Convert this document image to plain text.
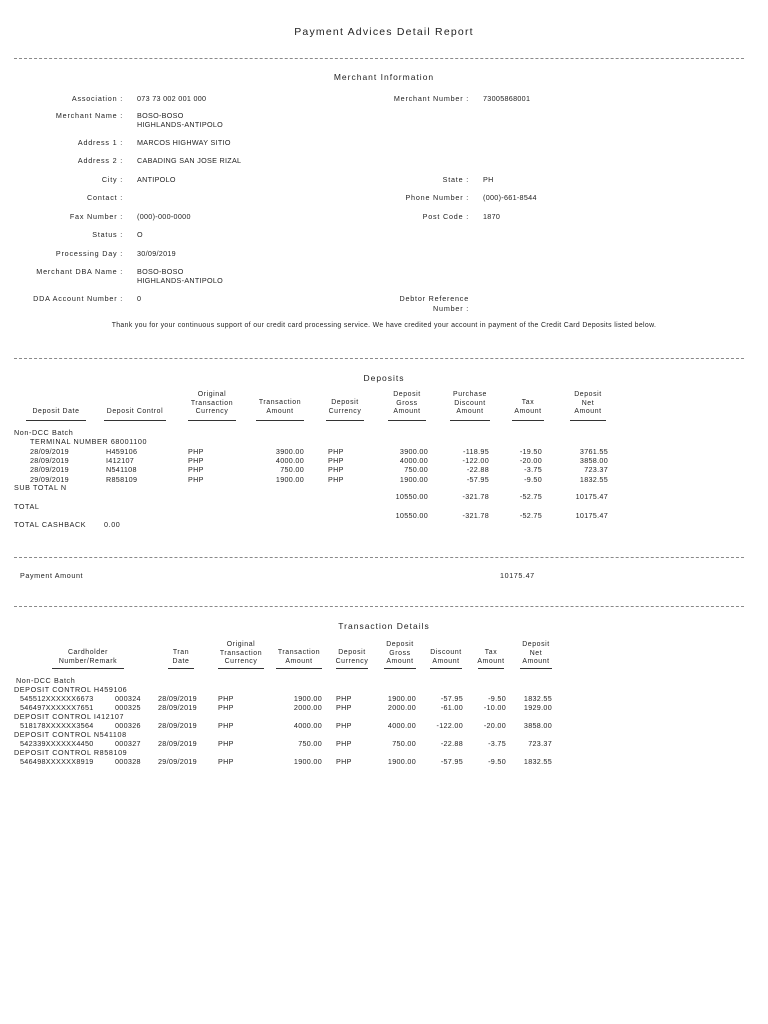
Payment Advices Detail Report
Merchant Information
Association : 073 73 002 001 000	Merchant Number : 73005868001
Merchant Name : BOSO-BOSO
HIGHLANDS-ANTIPOLO
Address 1 : MARCOS HIGHWAY SITIO
Address 2 : CABADING SAN JOSE RIZAL
City : ANTIPOLO	State : PH
Contact :	Phone Number : (000)-661-8544
Fax Number : (000)-000-0000	Post Code : 1870
Status : O
Processing Day : 30/09/2019
Merchant DBA Name : BOSO-BOSO
HIGHLANDS-ANTIPOLO
DDA Account Number : 0	Debtor Reference
Number :
Thank you for your continuous support of our credit card processing service. We have credited your account in payment of the Credit Card Deposits listed below.
Deposits
Deposit Date	Deposit Control
Original
Transaction
Currency
Transaction
Amount
Deposit
Currency
Deposit
Gross
Amount
Purchase
Discount
Amount
Tax
Amount
Deposit
Net
Amount
Non-DCC Batch
TERMINAL NUMBER 68001100
28/09/2019	H459106	PHP	3900.00	PHP	3900.00	-118.95	-19.50	3761.55
28/09/2019	I412107	PHP	4000.00	PHP	4000.00	-122.00	-20.00	3858.00
28/09/2019	N541108	PHP	750.00	PHP	750.00	-22.88	-3.75	723.37
29/09/2019	R858109	PHP	1900.00	PHP	1900.00	-57.95	-9.50	1832.55
SUB TOTAL N
10550.00	-321.78	-52.75	10175.47
TOTAL
10550.00	-321.78	-52.75	10175.47
TOTAL CASHBACK 0.00
Payment Amount	10175.47
Transaction Details
Cardholder
Number/Remark
Tran
Date
Original
Transaction
Currency
Transaction
Amount
Deposit
Currency
Deposit
Gross
Amount
Discount
Amount
Tax
Amount
Deposit
Net
Amount
Non-DCC Batch
DEPOSIT CONTROL H459106
545512XXXXXX6673	000324 28/09/2019	PHP	1900.00 PHP	1900.00	-57.95	-9.50 1832.55
546497XXXXXX7651	000325 28/09/2019	PHP	2000.00 PHP	2000.00	-61.00	-10.00 1929.00
DEPOSIT CONTROL I412107
518178XXXXXX3564	000326 28/09/2019	PHP	4000.00 PHP	4000.00	-122.00	-20.00 3858.00
DEPOSIT CONTROL N541108
542339XXXXXX4450	000327 28/09/2019	PHP	750.00 PHP	750.00	-22.88	-3.75	723.37
DEPOSIT CONTROL R858109
546498XXXXXX8919	000328 29/09/2019	PHP	1900.00 PHP	1900.00	-57.95	-9.50 1832.55
